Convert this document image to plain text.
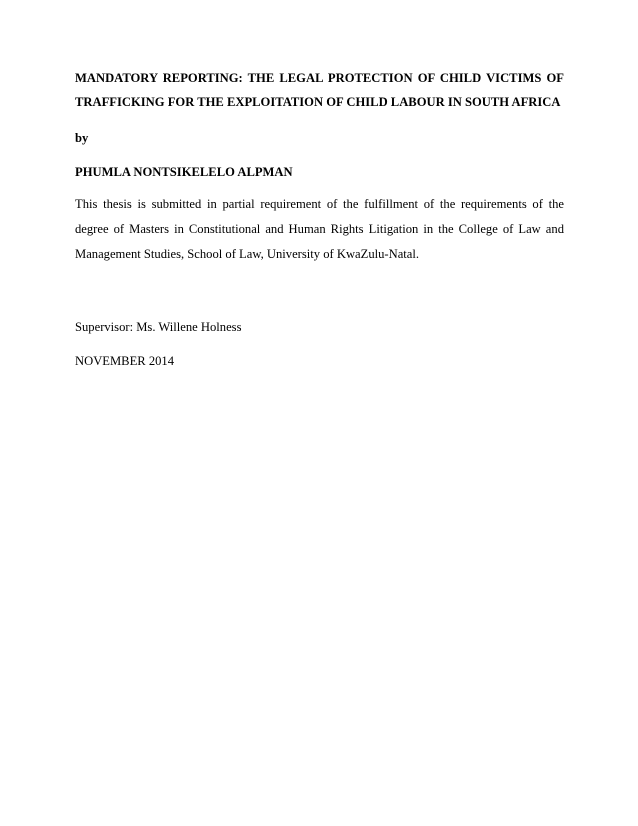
MANDATORY REPORTING: THE LEGAL PROTECTION OF CHILD VICTIMS OF
TRAFFICKING FOR THE EXPLOITATION OF CHILD LABOUR IN SOUTH AFRICA

by

PHUMLA NONTSIKELELO ALPMAN

This thesis is submitted in partial requirement of the fulfillment of the requirements of the degree of Masters in Constitutional and Human Rights Litigation in the College of Law and Management Studies, School of Law, University of KwaZulu-Natal.

Supervisor: Ms. Willene Holness

NOVEMBER 2014
